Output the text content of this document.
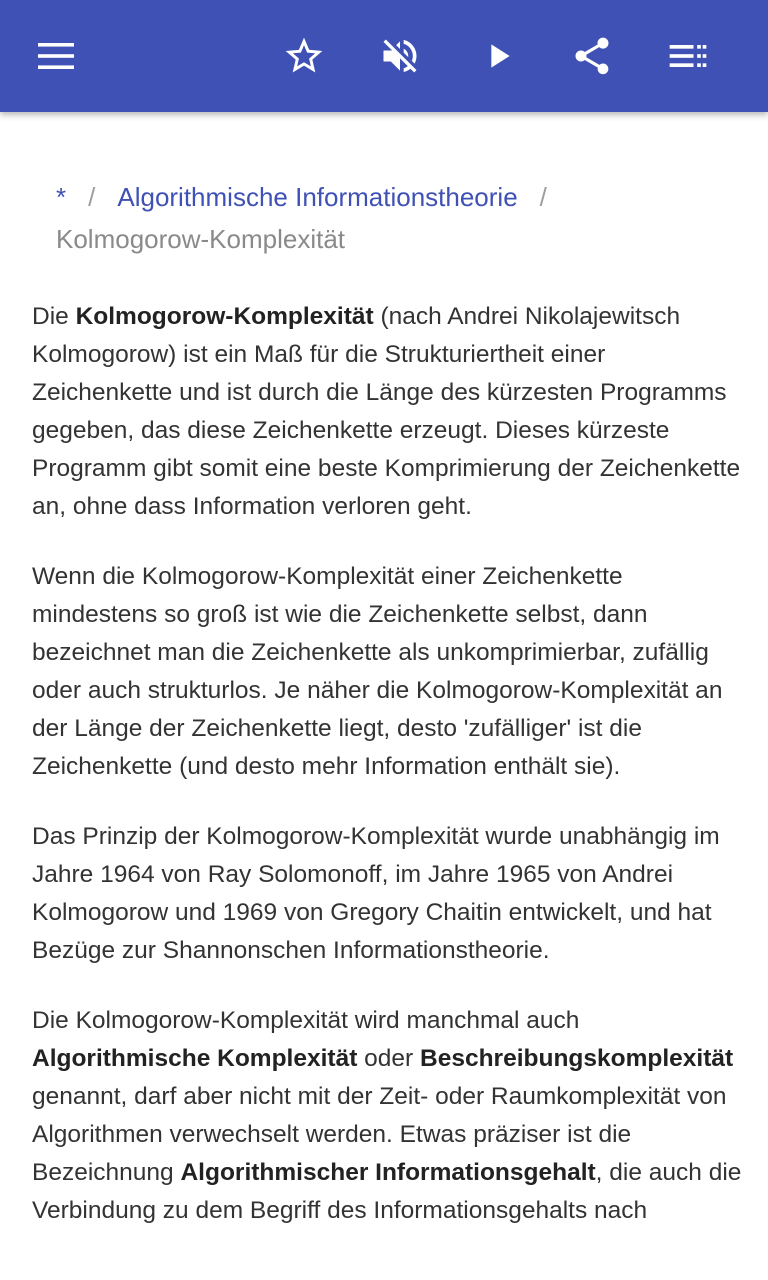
* / Algorithmische Informationstheorie /
Kolmogorow-Komplexität

Die Kolmogorow-Komplexität (nach Andrei Nikolajewitsch Kolmogorow) ist ein Maß für die Strukturiertheit einer Zeichenkette und ist durch die Länge des kürzesten Programms gegeben, das diese Zeichenkette erzeugt. Dieses kürzeste Programm gibt somit eine beste Komprimierung der Zeichenkette an, ohne dass Information verloren geht.

Wenn die Kolmogorow-Komplexität einer Zeichenkette mindestens so groß ist wie die Zeichenkette selbst, dann bezeichnet man die Zeichenkette als unkomprimierbar, zufällig oder auch strukturlos. Je näher die Kolmogorow-Komplexität an der Länge der Zeichenkette liegt, desto 'zufälliger' ist die Zeichenkette (und desto mehr Information enthält sie).

Das Prinzip der Kolmogorow-Komplexität wurde unabhängig im Jahre 1964 von Ray Solomonoff, im Jahre 1965 von Andrei Kolmogorow und 1969 von Gregory Chaitin entwickelt, und hat Bezüge zur Shannonschen Informationstheorie.

Die Kolmogorow-Komplexität wird manchmal auch Algorithmische Komplexität oder Beschreibungskomplexität genannt, darf aber nicht mit der Zeit- oder Raumkomplexität von Algorithmen verwechselt werden. Etwas präziser ist die Bezeichnung Algorithmischer Informationsgehalt, die auch die Verbindung zu dem Begriff des Informationsgehalts nach
